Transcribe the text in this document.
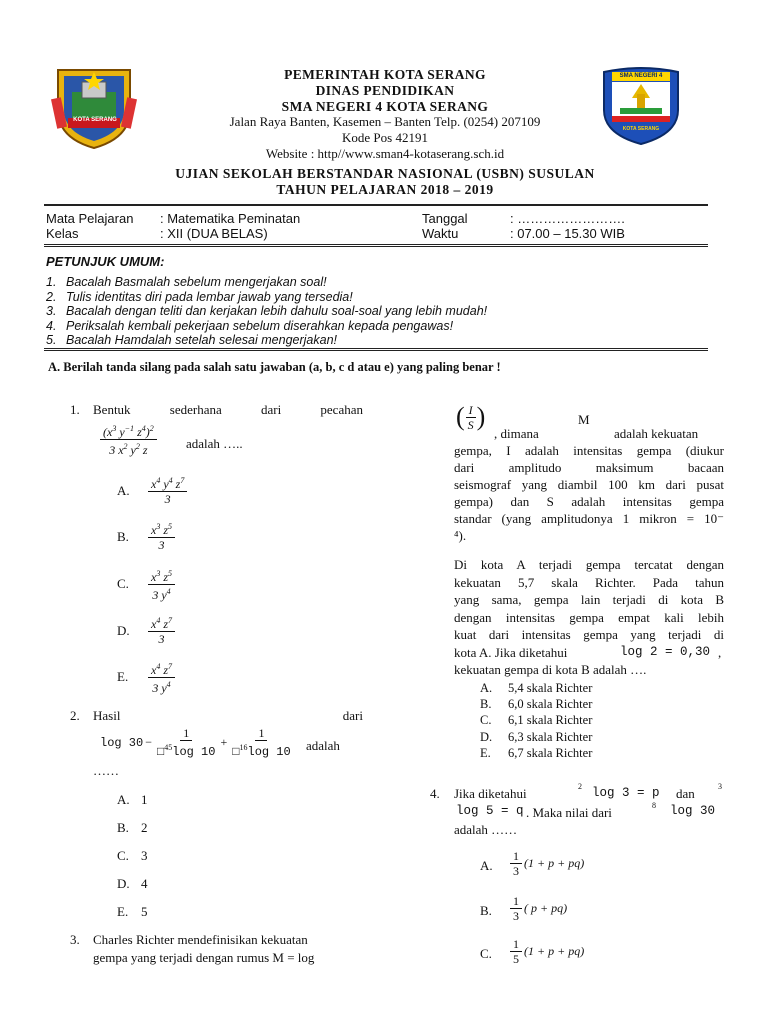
KOTA SERANG
SMA NEGERI 4
KOTA SERANG
PEMERINTAH KOTA SERANG
DINAS PENDIDIKAN
SMA NEGERI 4 KOTA SERANG
Jalan Raya Banten, Kasemen – Banten Telp. (0254) 207109
Kode Pos 42191
Website : http//www.sman4-kotaserang.sch.id
UJIAN SEKOLAH BERSTANDAR NASIONAL (USBN) SUSULAN
TAHUN PELAJARAN 2018 – 2019
Mata Pelajaran : Matematika Peminatan
Kelas	: XII (DUA BELAS)
Tanggal	: …………………….
Waktu	: 07.00 – 15.30 WIB
PETUNJUK UMUM:
1. Bacalah Basmalah sebelum mengerjakan soal!
2. Tulis identitas diri pada lembar jawab yang tersedia!
3. Bacalah dengan teliti dan kerjakan lebih dahulu soal-soal yang lebih mudah!
4. Periksalah kembali pekerjaan sebelum diserahkan kepada pengawas!
5. Bacalah Hamdalah setelah selesai mengerjakan!
A. Berilah tanda silang pada salah satu jawaban (a, b, c d atau e) yang paling benar !
1. Bentuk	sederhana	dari	pecahan
$\frac{(x^3 y^{-1} z^4)^2}{3 x^2 y^2 z}$ adalah …..
A. $\frac{x^4 y^4 z^7}{3}$
B. $\frac{x^3 z^5}{3}$
C. $\frac{x^3 z^5}{3 y^4}$
D. $\frac{x^4 z^7}{3}$
E. $\frac{x^4 z^7}{3 y^4}$
2. Hasil	dari
$\log 30 - \frac{1}{□^{45}\log 10} + \frac{1}{□^{16}\log 10}$ adalah
……
A. 1
B. 2
C. 3
D. 4
E. 5
3. Charles Richter mendefinisikan kekuatan
gempa yang terjadi dengan rumus M = log
( $\frac{I}{S}$ )
, dimana
M
adalah kekuatan
gempa, I adalah intensitas gempa (diukur
dari amplitudo maksimum bacaan
seismograf yang diambil 100 km dari pusat
gempa) dan S adalah intensitas gempa
standar (yang amplitudonya 1 mikron = 10⁻
⁴).
Di kota A terjadi gempa tercatat dengan
kekuatan 5,7 skala Richter. Pada tahun
yang sama, gempa lain terjadi di kota B
dengan intensitas gempa empat kali lebih
kuat dari intensitas gempa yang terjadi di
kota A. Jika diketahui	log 2 = 0,30 ,
kekuatan gempa di kota B adalah ….
A. 5,4 skala Richter
B. 6,0 skala Richter
C. 6,1 skala Richter
D. 6,3 skala Richter
E. 6,7 skala Richter
4. Jika diketahui	2 log 3 = p dan	3
log 5 = q . Maka nilai dari	8 log 30
adalah ……
A. $\frac{1}{3} (1 + p + pq)$
B. $\frac{1}{3}$ ( p + pq)
C. $\frac{1}{5} (1 + p + pq)$
